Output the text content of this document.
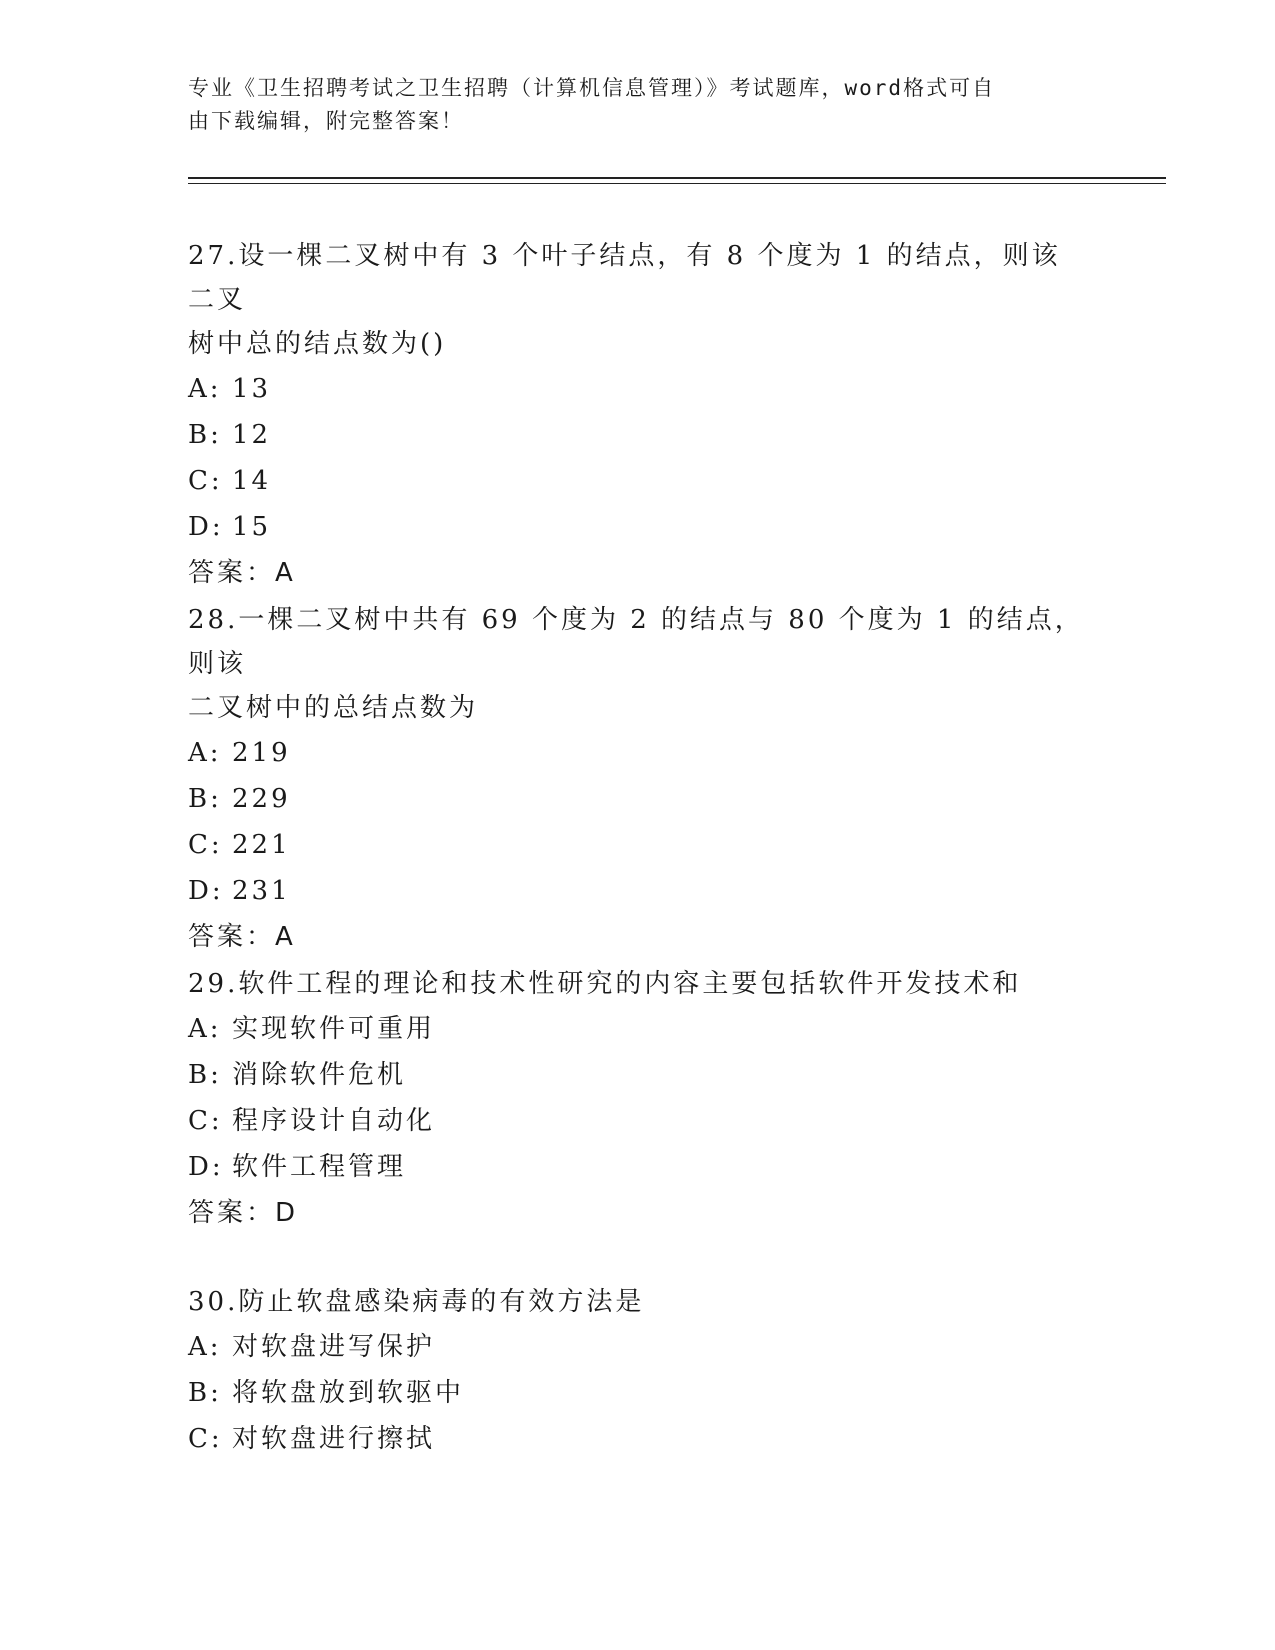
专业《卫生招聘考试之卫生招聘（计算机信息管理）》考试题库，word格式可自
由下载编辑，附完整答案！

27.设一棵二叉树中有 3 个叶子结点，有 8 个度为 1 的结点，则该二叉

树中总的结点数为()

A: 13

B: 12

C: 14

D: 15

答案：A

28.一棵二叉树中共有 69 个度为 2 的结点与 80 个度为 1 的结点，则该

二叉树中的总结点数为

A: 219

B: 229

C: 221

D: 231

答案：A

29.软件工程的理论和技术性研究的内容主要包括软件开发技术和

A: 实现软件可重用

B: 消除软件危机

C: 程序设计自动化

D: 软件工程管理

答案：D

30.防止软盘感染病毒的有效方法是

A: 对软盘进写保护

B: 将软盘放到软驱中

C: 对软盘进行擦拭
